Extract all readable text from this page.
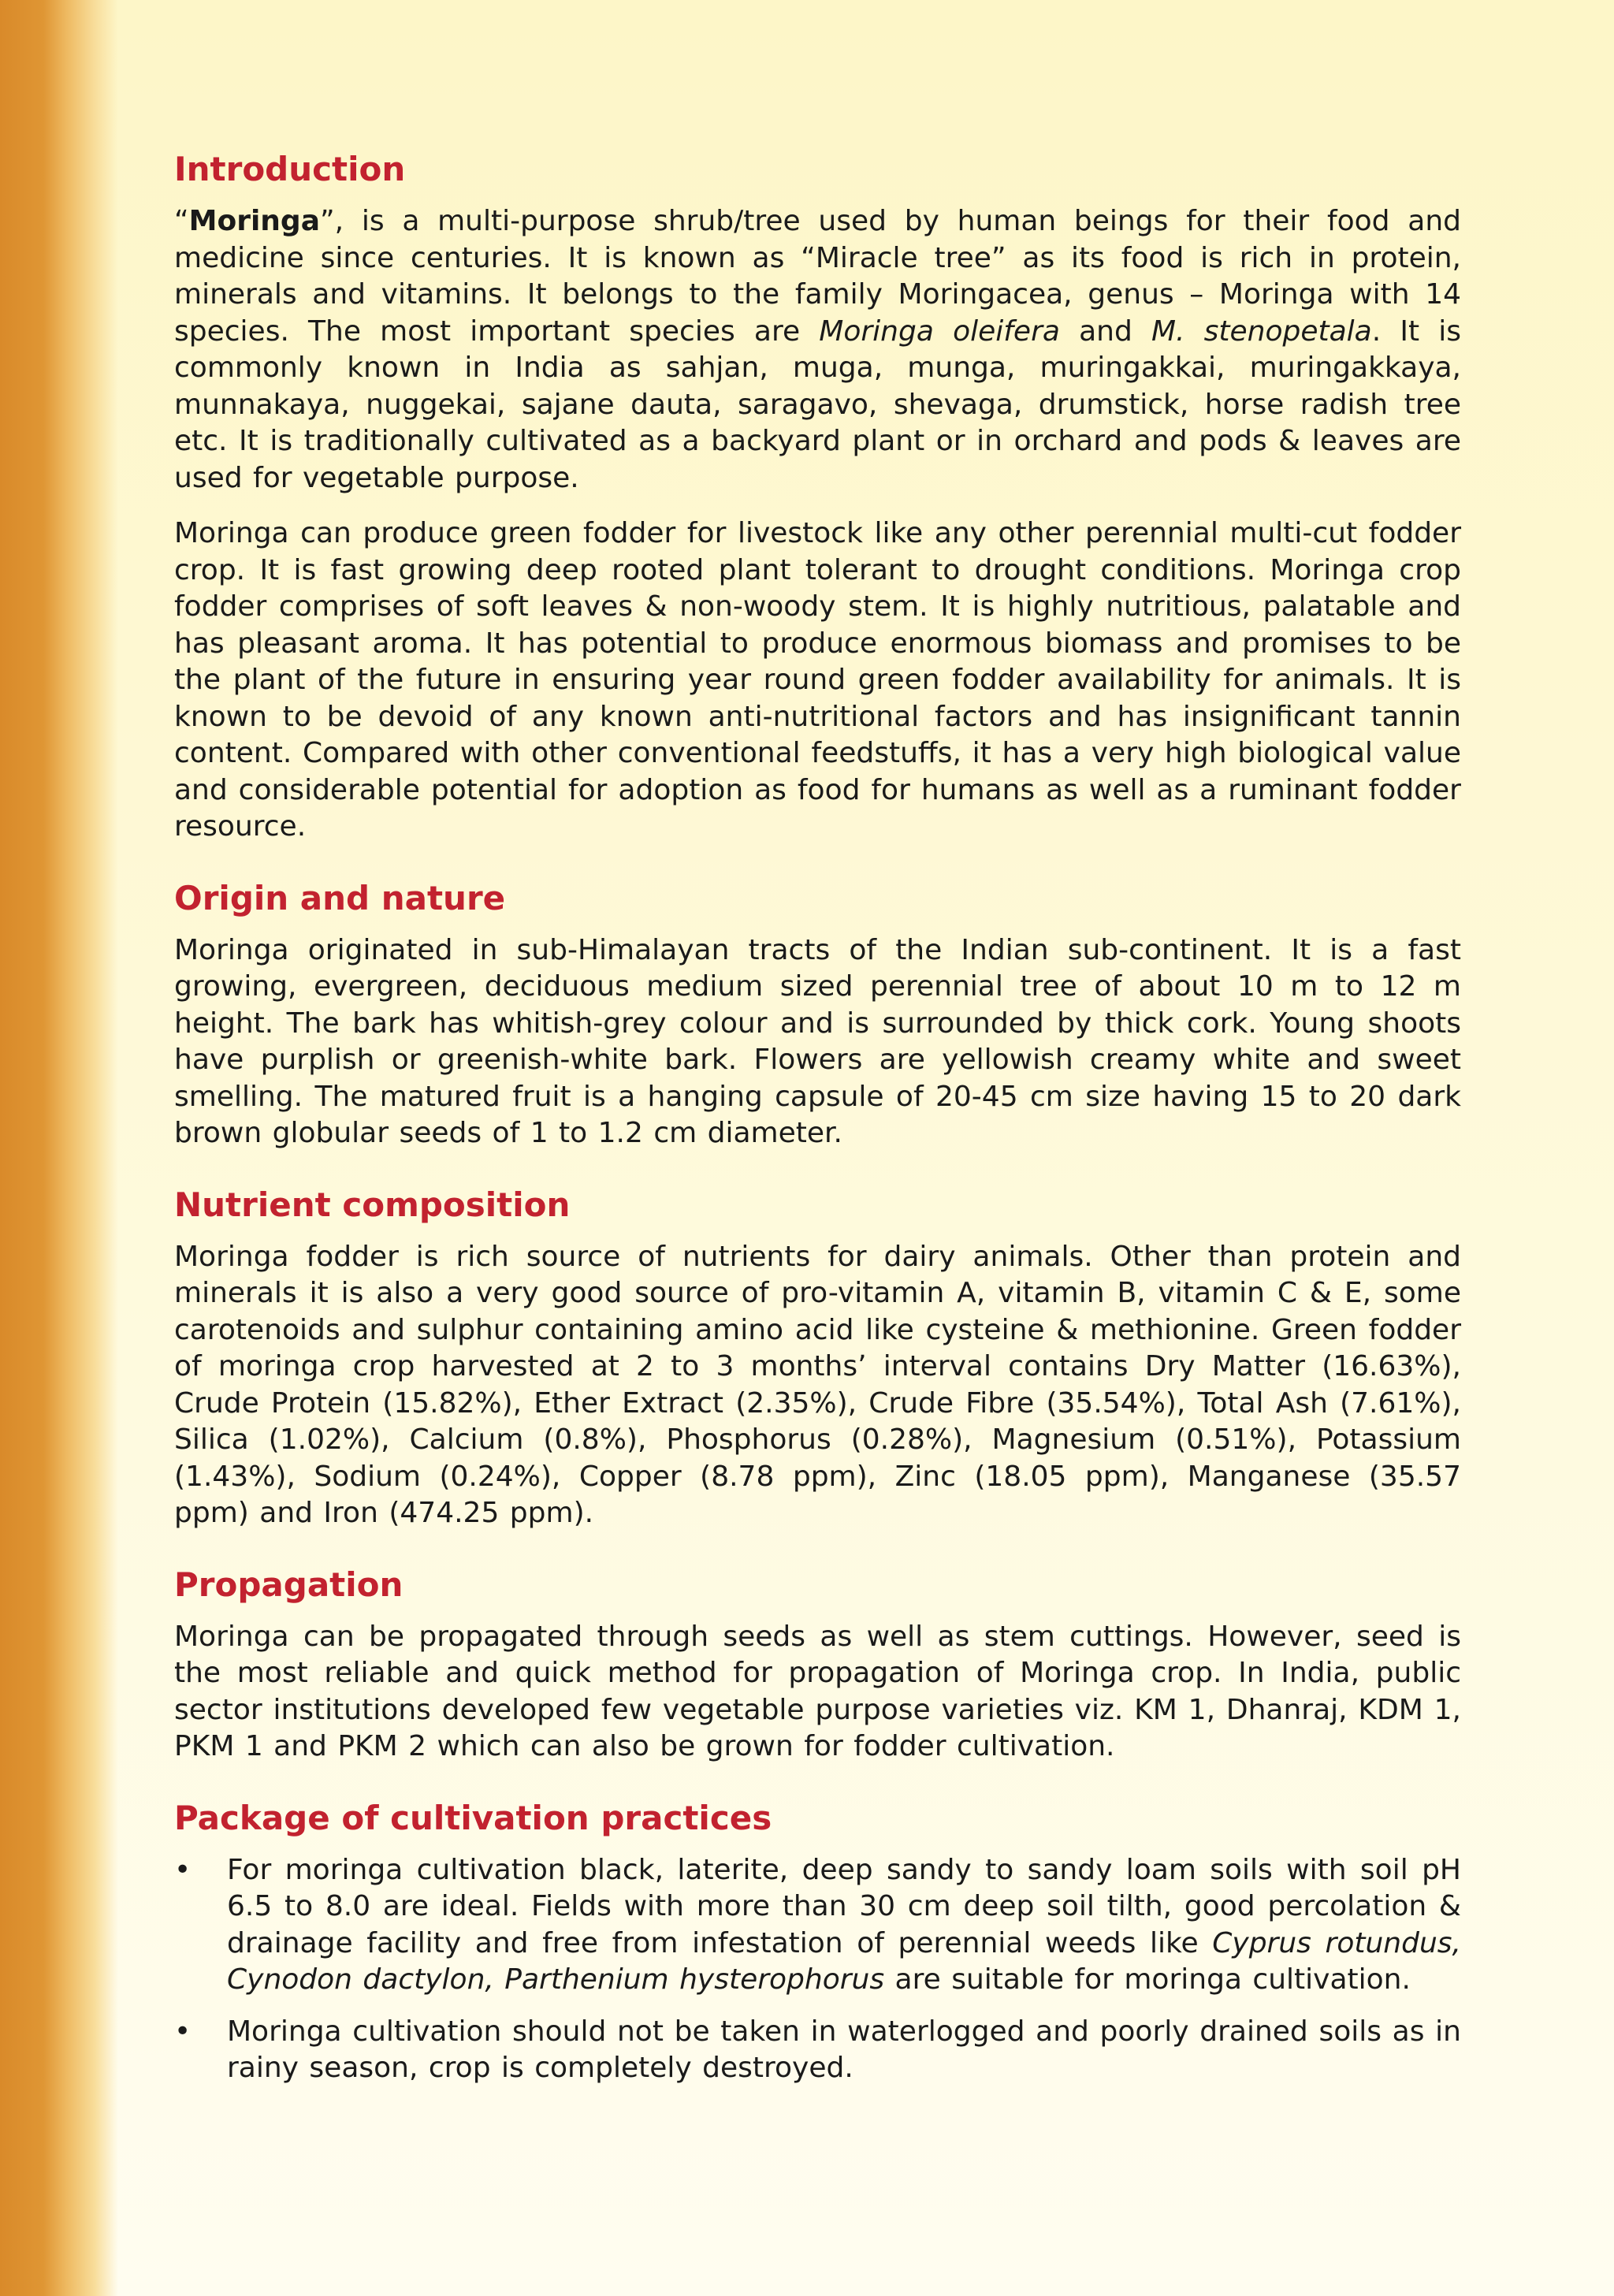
Introduction

“Moringa”, is a multi-purpose shrub/tree used by human beings for their food and medicine since centuries. It is known as “Miracle tree” as its food is rich in protein, minerals and vitamins. It belongs to the family Moringacea, genus – Moringa with 14 species. The most important species are Moringa oleifera and M. stenopetala. It is commonly known in India as sahjan, muga, munga, muringakkai, muringakkaya, munnakaya, nuggekai, sajane dauta, saragavo, shevaga, drumstick, horse radish tree etc. It is traditionally cultivated as a backyard plant or in orchard and pods & leaves are used for vegetable purpose.

Moringa can produce green fodder for livestock like any other perennial multi-cut fodder crop. It is fast growing deep rooted plant tolerant to drought conditions. Moringa crop fodder comprises of soft leaves & non-woody stem. It is highly nutritious, palatable and has pleasant aroma. It has potential to produce enormous biomass and promises to be the plant of the future in ensuring year round green fodder availability for animals. It is known to be devoid of any known anti-nutritional factors and has insignificant tannin content. Compared with other conventional feedstuffs, it has a very high biological value and considerable potential for adoption as food for humans as well as a ruminant fodder resource.

Origin and nature

Moringa originated in sub-Himalayan tracts of the Indian sub-continent. It is a fast growing, evergreen, deciduous medium sized perennial tree of about 10 m to 12 m height. The bark has whitish-grey colour and is surrounded by thick cork. Young shoots have purplish or greenish-white bark. Flowers are yellowish creamy white and sweet smelling. The matured fruit is a hanging capsule of 20-45 cm size having 15 to 20 dark brown globular seeds of 1 to 1.2 cm diameter.

Nutrient composition

Moringa fodder is rich source of nutrients for dairy animals. Other than protein and minerals it is also a very good source of pro-vitamin A, vitamin B, vitamin C & E, some carotenoids and sulphur containing amino acid like cysteine & methionine. Green fodder of moringa crop harvested at 2 to 3 months’ interval contains Dry Matter (16.63%), Crude Protein (15.82%), Ether Extract (2.35%), Crude Fibre (35.54%), Total Ash (7.61%), Silica (1.02%), Calcium (0.8%), Phosphorus (0.28%), Magnesium (0.51%), Potassium (1.43%), Sodium (0.24%), Copper (8.78 ppm), Zinc (18.05 ppm), Manganese (35.57 ppm) and Iron (474.25 ppm).

Propagation

Moringa can be propagated through seeds as well as stem cuttings. However, seed is the most reliable and quick method for propagation of Moringa crop. In India, public sector institutions developed few vegetable purpose varieties viz. KM 1, Dhanraj, KDM 1, PKM 1 and PKM 2 which can also be grown for fodder cultivation.

Package of cultivation practices
• For moringa cultivation black, laterite, deep sandy to sandy loam soils with soil pH 6.5 to 8.0 are ideal. Fields with more than 30 cm deep soil tilth, good percolation & drainage facility and free from infestation of perennial weeds like Cyprus rotundus, Cynodon dactylon, Parthenium hysterophorus are suitable for moringa cultivation.
• Moringa cultivation should not be taken in waterlogged and poorly drained soils as in rainy season, crop is completely destroyed.
